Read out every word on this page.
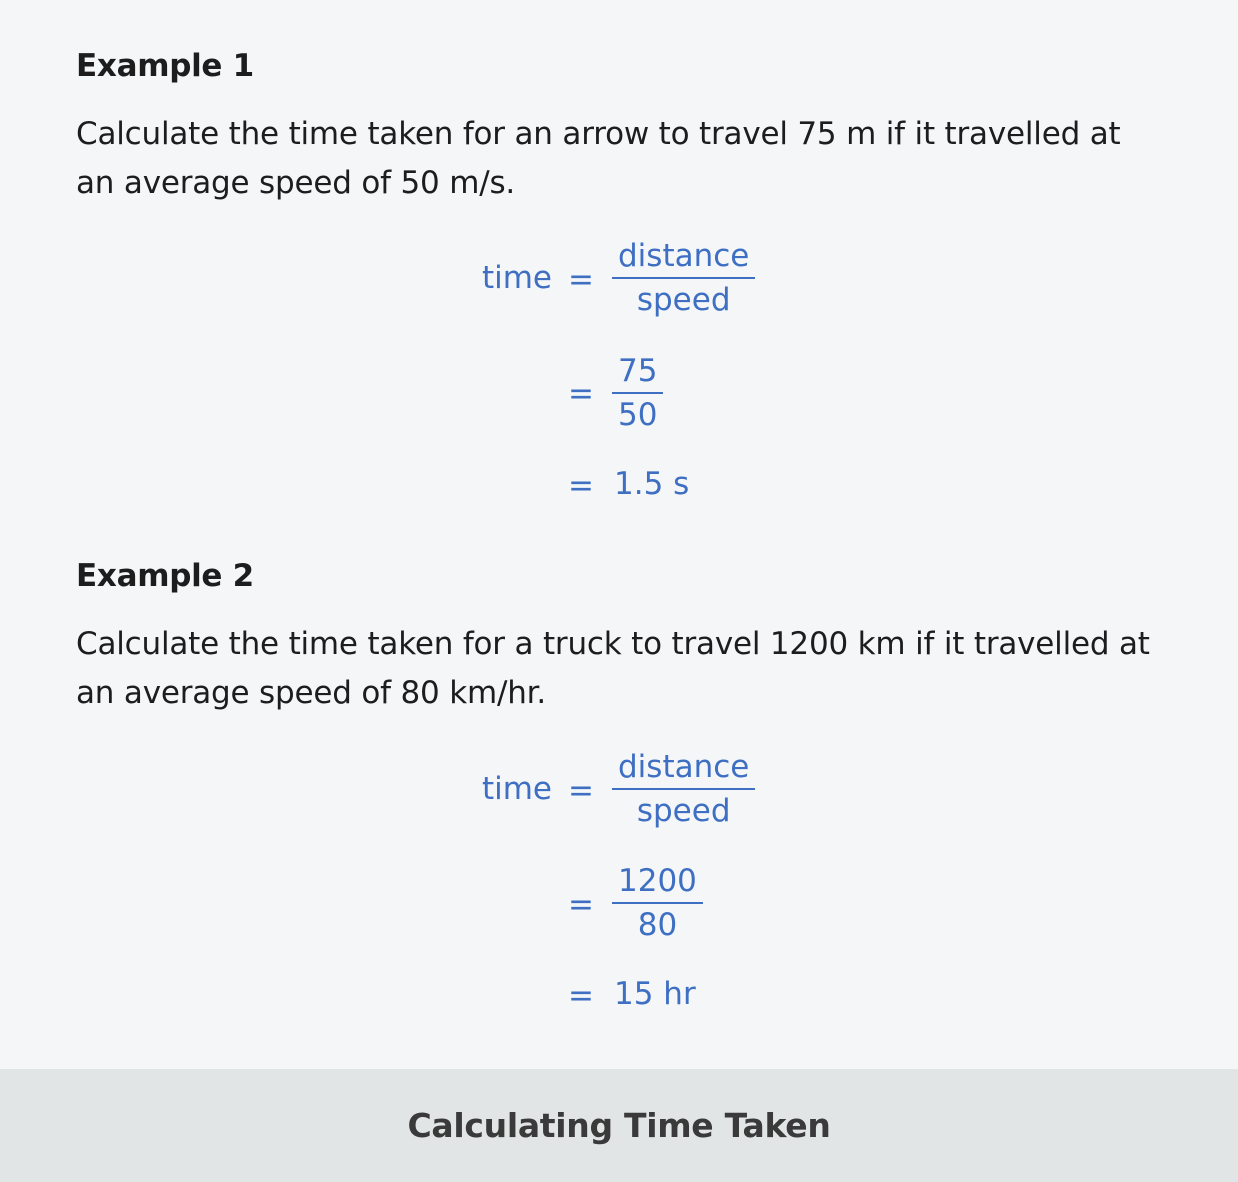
Example 1

Calculate the time taken for an arrow to travel 75 m if it travelled at
an average speed of 50 m/s.

time =
distance
speed
=
75
50
= 1.5 s

Example 2

Calculate the time taken for a truck to travel 1200 km if it travelled at
an average speed of 80 km/hr.

time =
distance
speed
=
1200
80
= 15 hr
Calculating Time Taken
